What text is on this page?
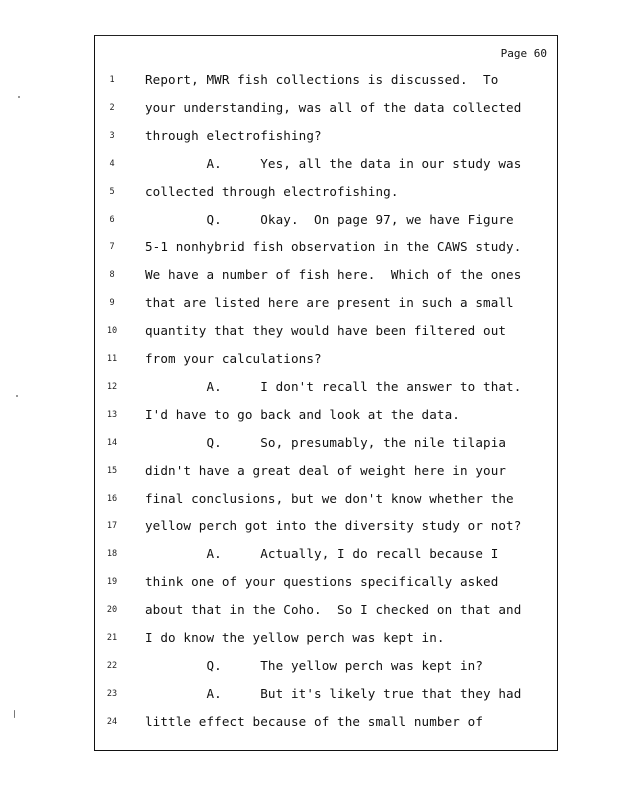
Page 60
1	Report, MWR fish collections is discussed.  To
2	your understanding, was all of the data collected
3	through electrofishing?
4	A.     Yes, all the data in our study was
5	collected through electrofishing.
6	Q.     Okay.  On page 97, we have Figure
7	5-1 nonhybrid fish observation in the CAWS study.
8	We have a number of fish here.  Which of the ones
9	that are listed here are present in such a small
10	quantity that they would have been filtered out
11	from your calculations?
12	A.     I don't recall the answer to that.
13	I'd have to go back and look at the data.
14	Q.     So, presumably, the nile tilapia
15	didn't have a great deal of weight here in your
16	final conclusions, but we don't know whether the
17	yellow perch got into the diversity study or not?
18	A.     Actually, I do recall because I
19	think one of your questions specifically asked
20	about that in the Coho.  So I checked on that and
21	I do know the yellow perch was kept in.
22	Q.     The yellow perch was kept in?
23	A.     But it's likely true that they had
24	little effect because of the small number of
